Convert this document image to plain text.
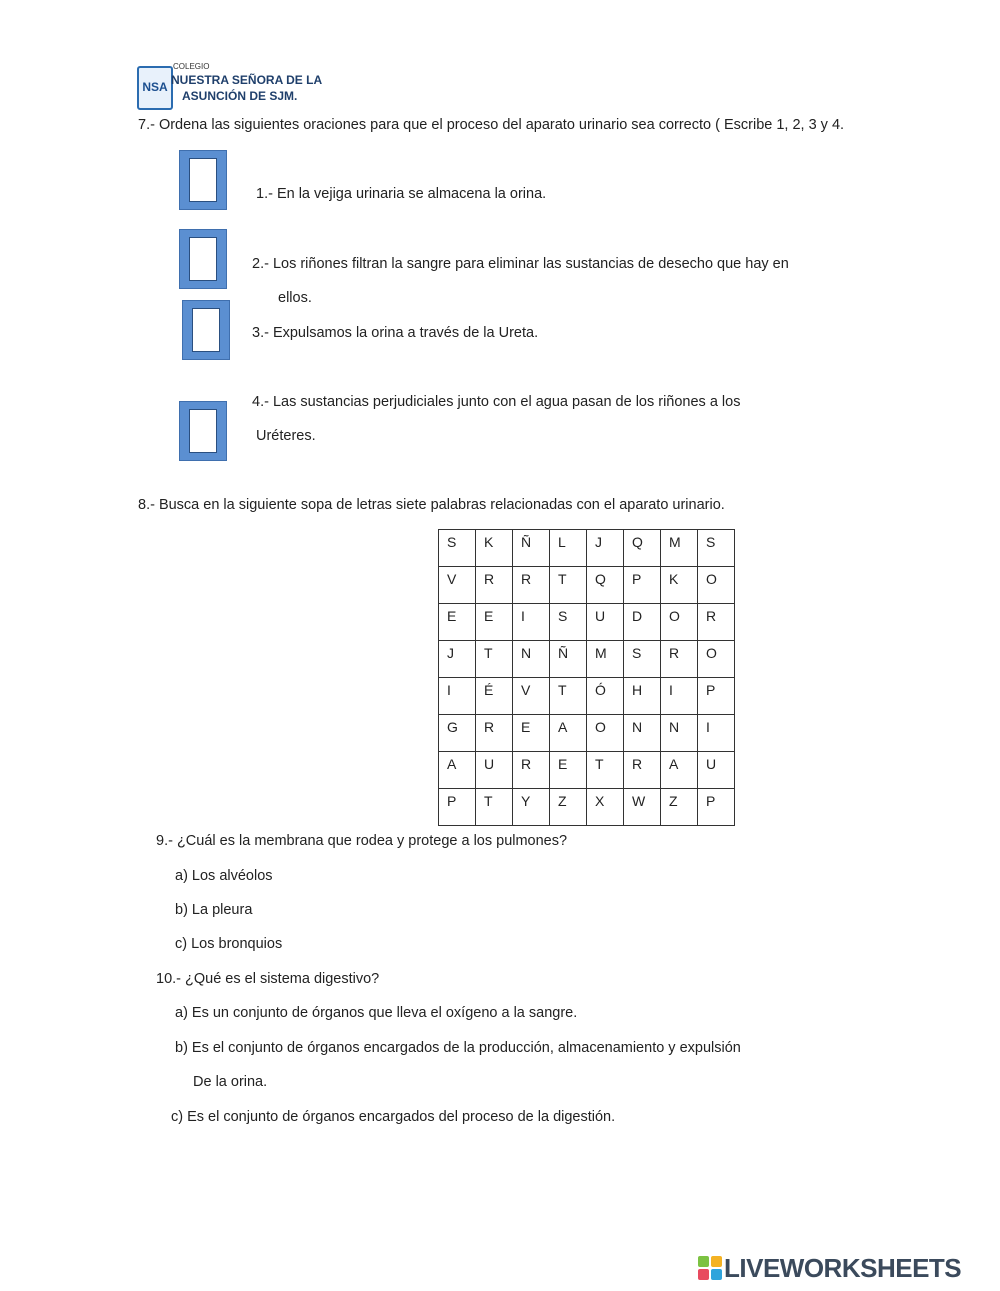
NSA
COLEGIO
NUESTRA SEÑORA DE LA
ASUNCIÓN DE SJM.
7.- Ordena las siguientes oraciones para que el proceso del aparato urinario sea correcto ( Escribe 1, 2, 3 y 4.
1.- En la vejiga urinaria se almacena la orina.
2.- Los riñones filtran la sangre para eliminar las sustancias de desecho que hay en
ellos.
3.- Expulsamos la orina a través de la Ureta.
4.- Las sustancias perjudiciales junto con el agua pasan de los riñones a los
Uréteres.
8.- Busca en la siguiente sopa de letras siete palabras relacionadas con el aparato urinario.
S	K	Ñ	L	J	Q	M	S
V	R	R	T	Q	P	K	O
E	E	I	S	U	D	O	R
J	T	N	Ñ	M	S	R	O
I	É	V	T	Ó	H	I	P
G	R	E	A	O	N	N	I
A	U	R	E	T	R	A	U
P	T	Y	Z	X	W	Z	P
9.- ¿Cuál es la membrana que rodea y protege a los pulmones?
a) Los alvéolos
b) La pleura
c) Los bronquios
10.- ¿Qué es el sistema digestivo?
a) Es un conjunto de órganos que lleva el oxígeno a la sangre.
b) Es el conjunto de órganos encargados de la producción, almacenamiento y expulsión
De la orina.
c) Es el conjunto de órganos encargados del proceso de la digestión.
LIVEWORKSHEETS
